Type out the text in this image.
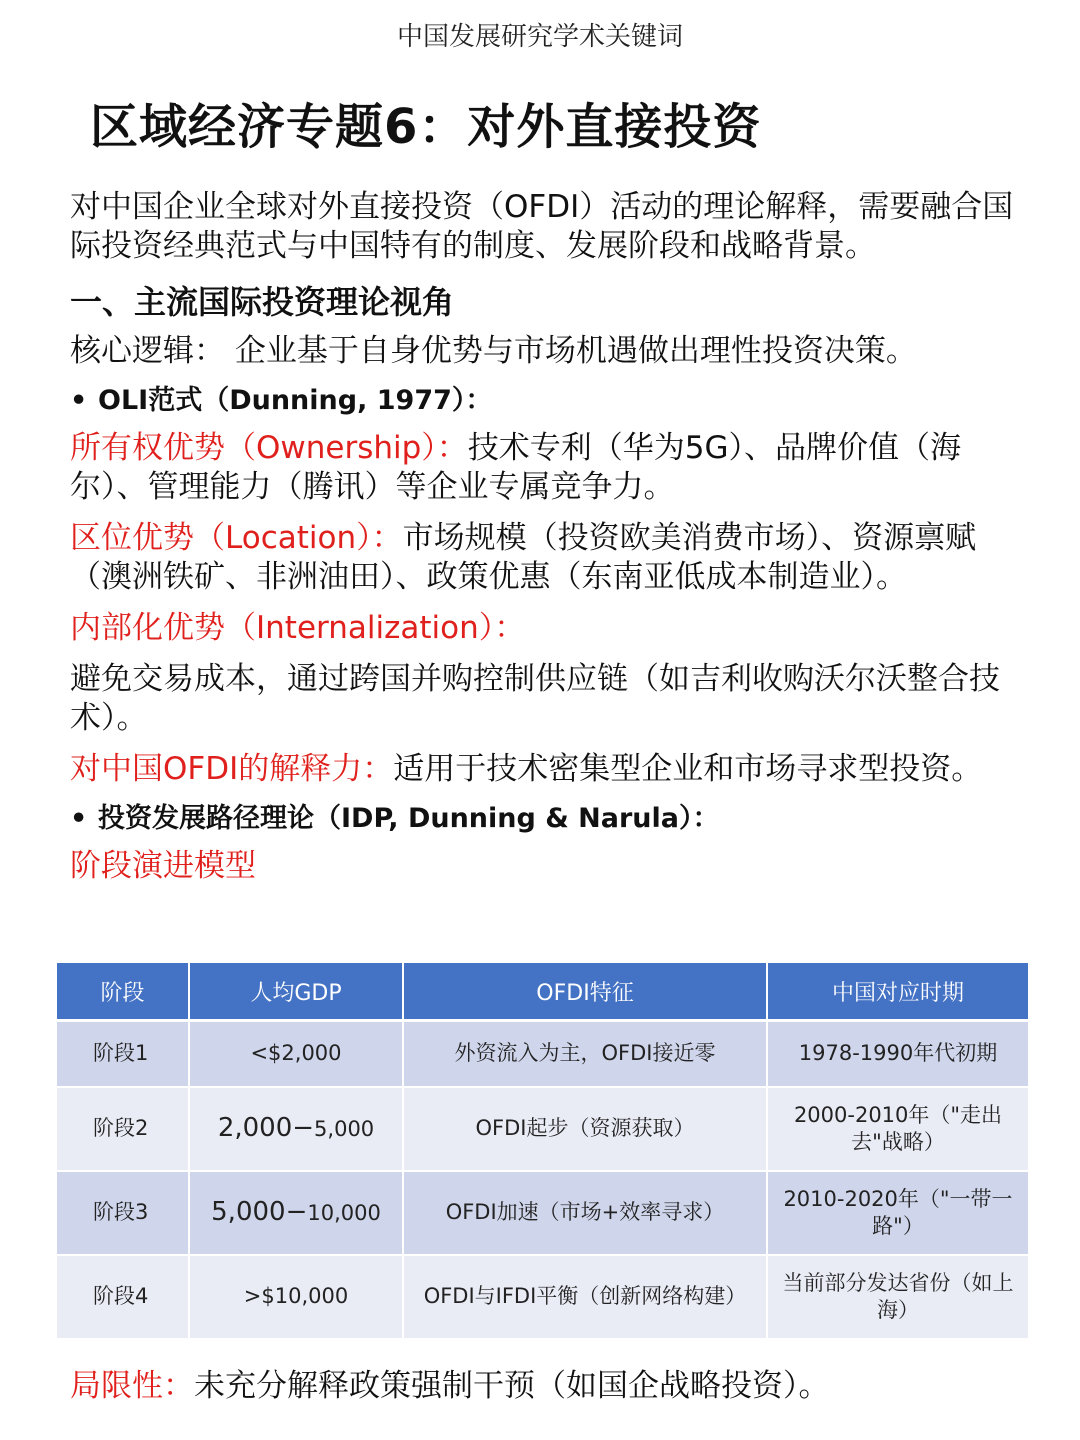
中国发展研究学术关键词
区域经济专题6：对外直接投资

对中国企业全球对外直接投资（OFDI）活动的理论解释，需要融合国际投资经典范式与中国特有的制度、发展阶段和战略背景。

一、主流国际投资理论视角

核心逻辑： 企业基于自身优势与市场机遇做出理性投资决策。

• OLI范式（Dunning, 1977）：

所有权优势（Ownership）：技术专利（华为5G）、品牌价值（海尔）、管理能力（腾讯）等企业专属竞争力。

区位优势（Location）：市场规模（投资欧美消费市场）、资源禀赋（澳洲铁矿、非洲油田）、政策优惠（东南亚低成本制造业）。

内部化优势（Internalization）：

避免交易成本，通过跨国并购控制供应链（如吉利收购沃尔沃整合技术）。

对中国OFDI的解释力：适用于技术密集型企业和市场寻求型投资。

• 投资发展路径理论（IDP, Dunning & Narula）：

阶段演进模型

阶段	人均GDP	OFDI特征	中国对应时期
阶段1	<$2,000	外资流入为主，OFDI接近零	1978-1990年代初期
阶段2	2,000−5,000	OFDI起步（资源获取）	2000-2010年（"走出去"战略）
阶段3	5,000−10,000	OFDI加速（市场+效率寻求）	2010-2020年（"一带一路"）
阶段4	>$10,000	OFDI与IFDI平衡（创新网络构建）	当前部分发达省份（如上海）
局限性：未充分解释政策强制干预（如国企战略投资）。
